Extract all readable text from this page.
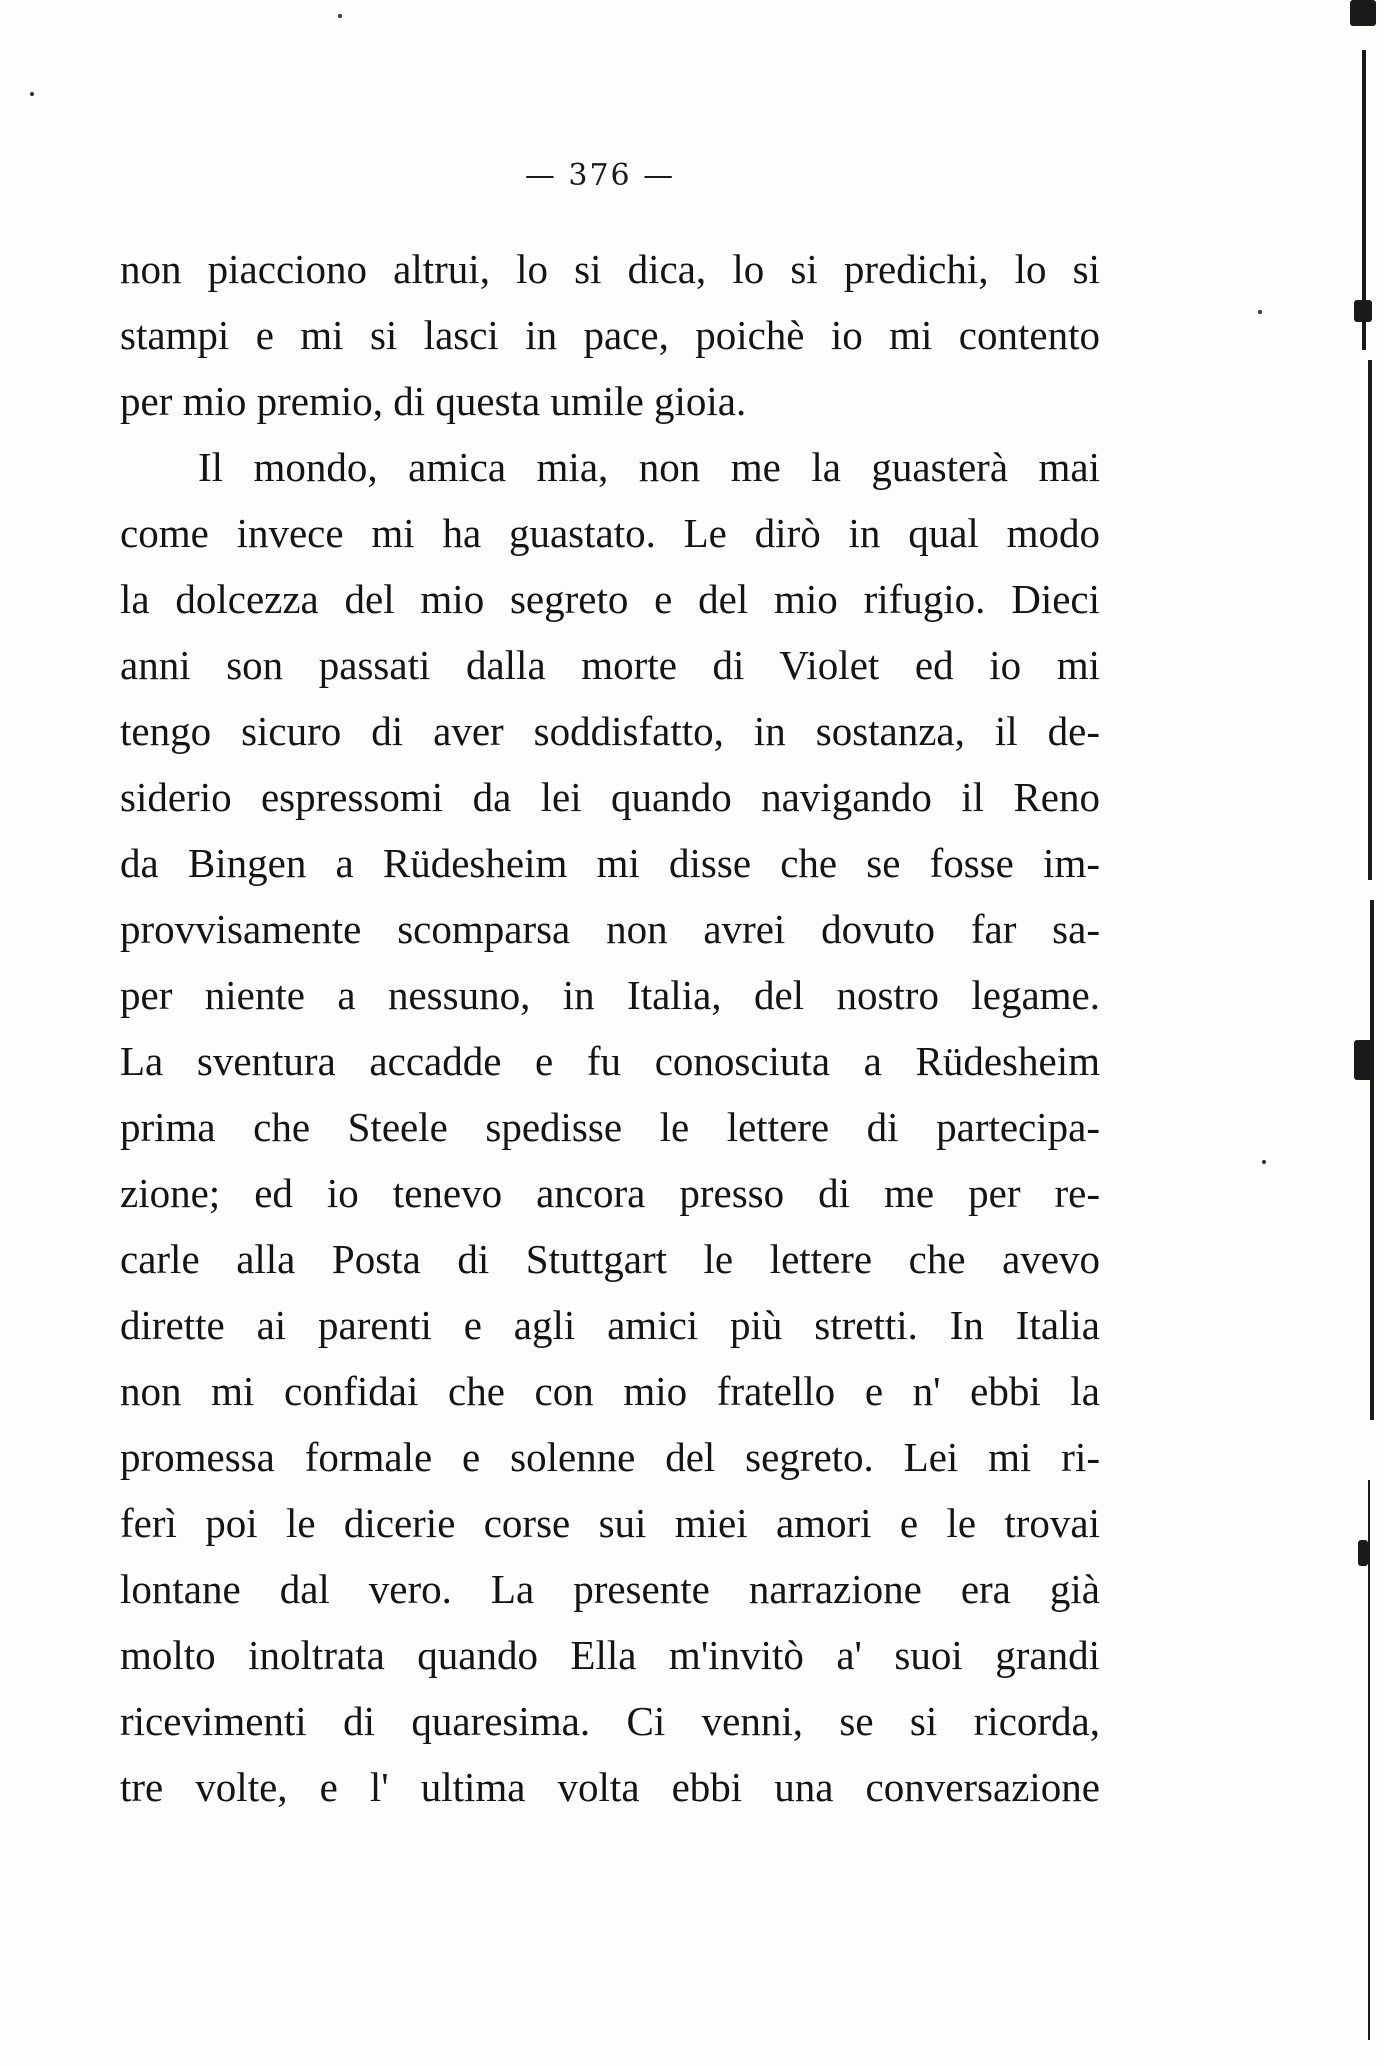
— 376 —
non piacciono altrui, lo si dica, lo si predichi, lo si
stampi e mi si lasci in pace, poichè io mi contento
per mio premio, di questa umile gioia.
Il mondo, amica mia, non me la guasterà mai
come invece mi ha guastato. Le dirò in qual modo
la dolcezza del mio segreto e del mio rifugio. Dieci
anni son passati dalla morte di Violet ed io mi
tengo sicuro di aver soddisfatto, in sostanza, il de-
siderio espressomi da lei quando navigando il Reno
da Bingen a Rüdesheim mi disse che se fosse im-
provvisamente scomparsa non avrei dovuto far sa-
per niente a nessuno, in Italia, del nostro legame.
La sventura accadde e fu conosciuta a Rüdesheim
prima che Steele spedisse le lettere di partecipa-
zione; ed io tenevo ancora presso di me per re-
carle alla Posta di Stuttgart le lettere che avevo
dirette ai parenti e agli amici più stretti. In Italia
non mi confidai che con mio fratello e n' ebbi la
promessa formale e solenne del segreto. Lei mi ri-
ferì poi le dicerie corse sui miei amori e le trovai
lontane dal vero. La presente narrazione era già
molto inoltrata quando Ella m'invitò a' suoi grandi
ricevimenti di quaresima. Ci venni, se si ricorda,
tre volte, e l' ultima volta ebbi una conversazione
